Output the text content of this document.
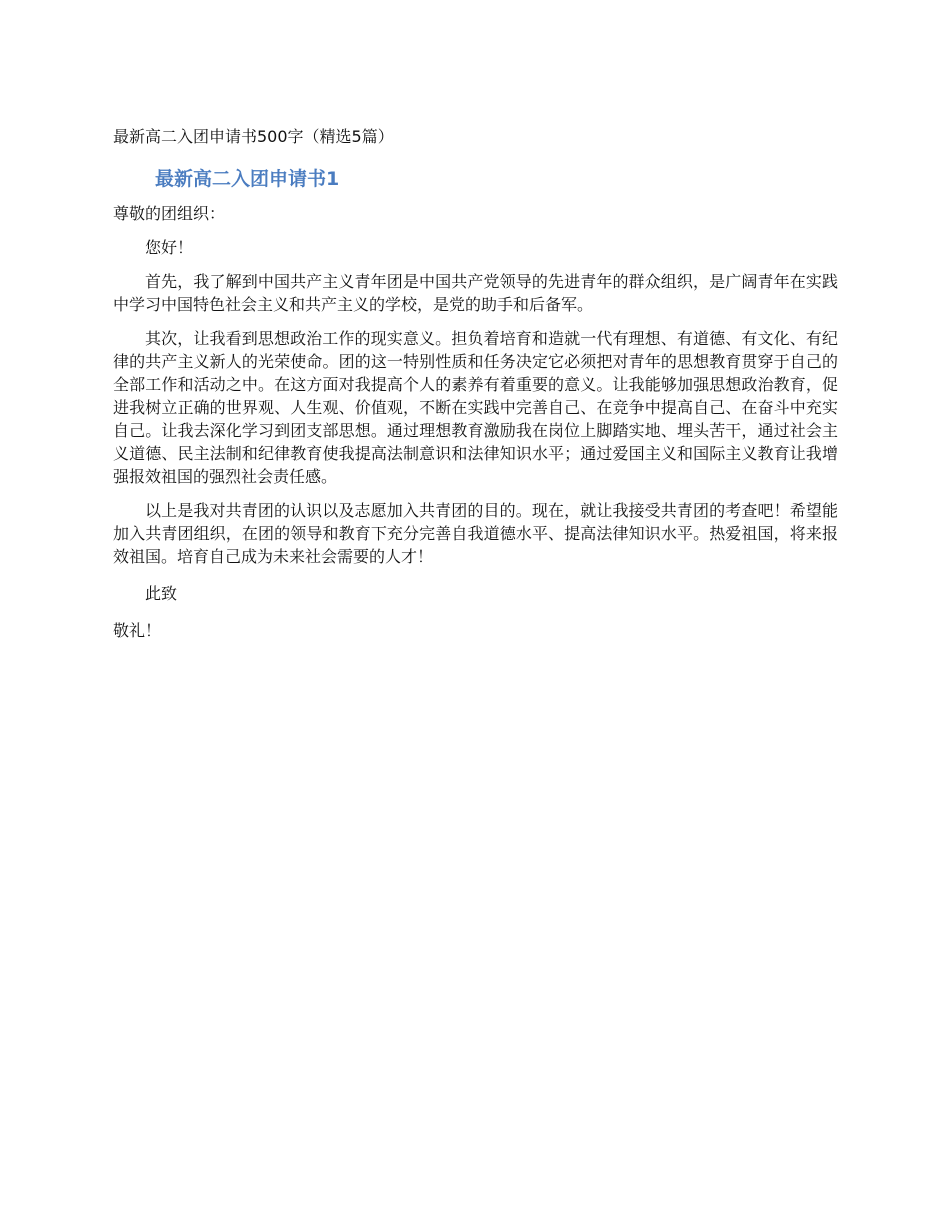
最新高二入团申请书500字（精选5篇）
最新高二入团申请书1

尊敬的团组织：

您好！

首先，我了解到中国共产主义青年团是中国共产党领导的先进青年的群众组织，是广阔青年在实践中学习中国特色社会主义和共产主义的学校，是党的助手和后备军。

其次，让我看到思想政治工作的现实意义。担负着培育和造就一代有理想、有道德、有文化、有纪律的共产主义新人的光荣使命。团的这一特别性质和任务决定它必须把对青年的思想教育贯穿于自己的全部工作和活动之中。在这方面对我提高个人的素养有着重要的意义。让我能够加强思想政治教育，促进我树立正确的世界观、人生观、价值观，不断在实践中完善自己、在竞争中提高自己、在奋斗中充实自己。让我去深化学习到团支部思想。通过理想教育激励我在岗位上脚踏实地、埋头苦干，通过社会主义道德、民主法制和纪律教育使我提高法制意识和法律知识水平；通过爱国主义和国际主义教育让我增强报效祖国的强烈社会责任感。

以上是我对共青团的认识以及志愿加入共青团的目的。现在，就让我接受共青团的考查吧！希望能加入共青团组织，在团的领导和教育下充分完善自我道德水平、提高法律知识水平。热爱祖国，将来报效祖国。培育自己成为未来社会需要的人才！

此致

敬礼！
